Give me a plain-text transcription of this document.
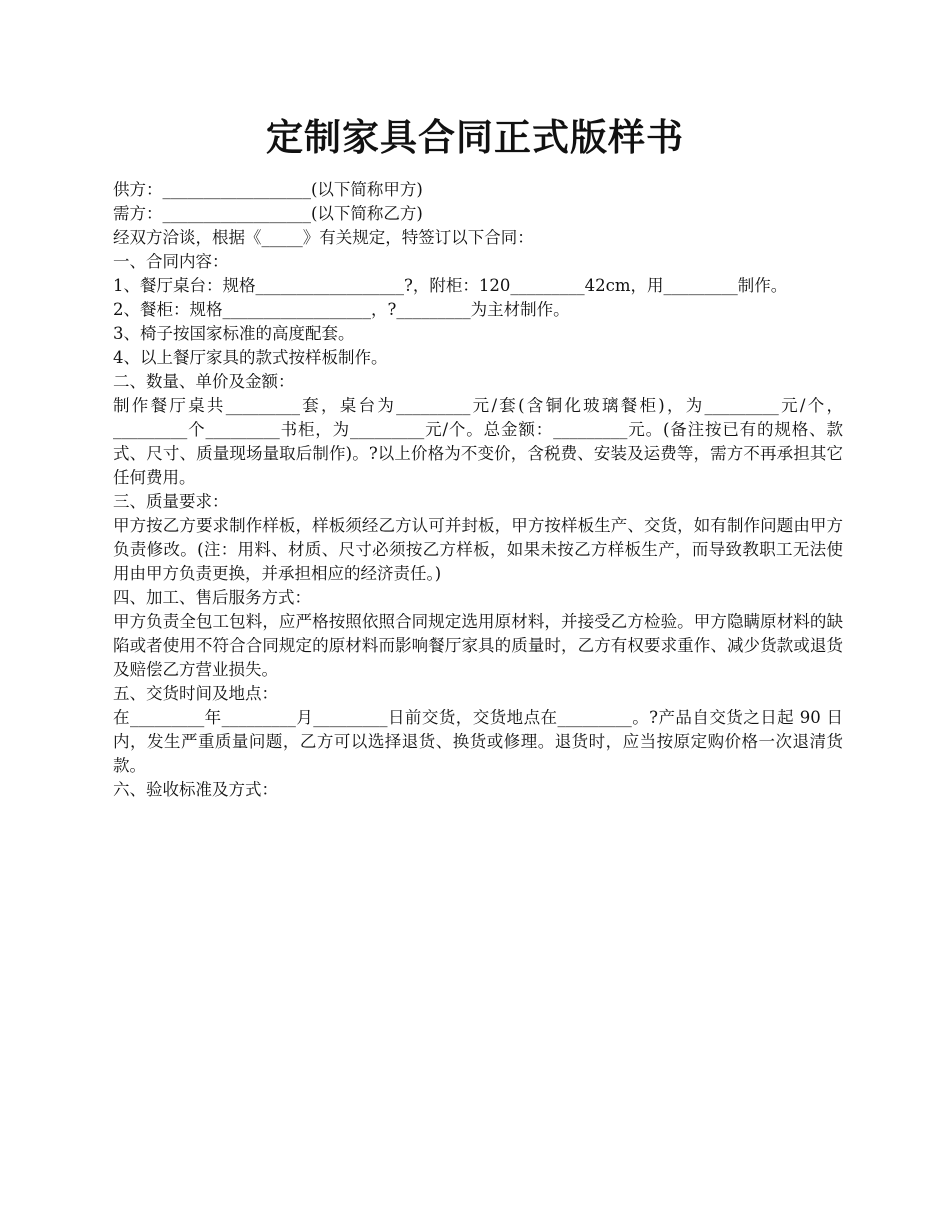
定制家具合同正式版样书

供方：__________________(以下简称甲方)

需方：__________________(以下简称乙方)

经双方洽谈，根据《_____》有关规定，特签订以下合同：

一、合同内容：

1、餐厅桌台：规格__________________?，附柜：120_________42cm，用_________制作。

2、餐柜：规格__________________，?_________为主材制作。

3、椅子按国家标准的高度配套。

4、以上餐厅家具的款式按样板制作。

二、数量、单价及金额：

制作餐厅桌共_________套，桌台为_________元/套(含铜化玻璃餐柜)，为_________元/个，_________个_________书柜，为_________元/个。总金额：_________元。(备注按已有的规格、款式、尺寸、质量现场量取后制作)。?以上价格为不变价，含税费、安装及运费等，需方不再承担其它任何费用。

三、质量要求：

甲方按乙方要求制作样板，样板须经乙方认可并封板，甲方按样板生产、交货，如有制作问题由甲方负责修改。(注：用料、材质、尺寸必须按乙方样板，如果未按乙方样板生产，而导致教职工无法使用由甲方负责更换，并承担相应的经济责任。)

四、加工、售后服务方式：

甲方负责全包工包料，应严格按照依照合同规定选用原材料，并接受乙方检验。甲方隐瞒原材料的缺陷或者使用不符合合同规定的原材料而影响餐厅家具的质量时，乙方有权要求重作、减少货款或退货及赔偿乙方营业损失。

五、交货时间及地点：

在_________年_________月_________日前交货，交货地点在_________。?产品自交货之日起 90 日内，发生严重质量问题，乙方可以选择退货、换货或修理。退货时，应当按原定购价格一次退清货款。

六、验收标准及方式：
